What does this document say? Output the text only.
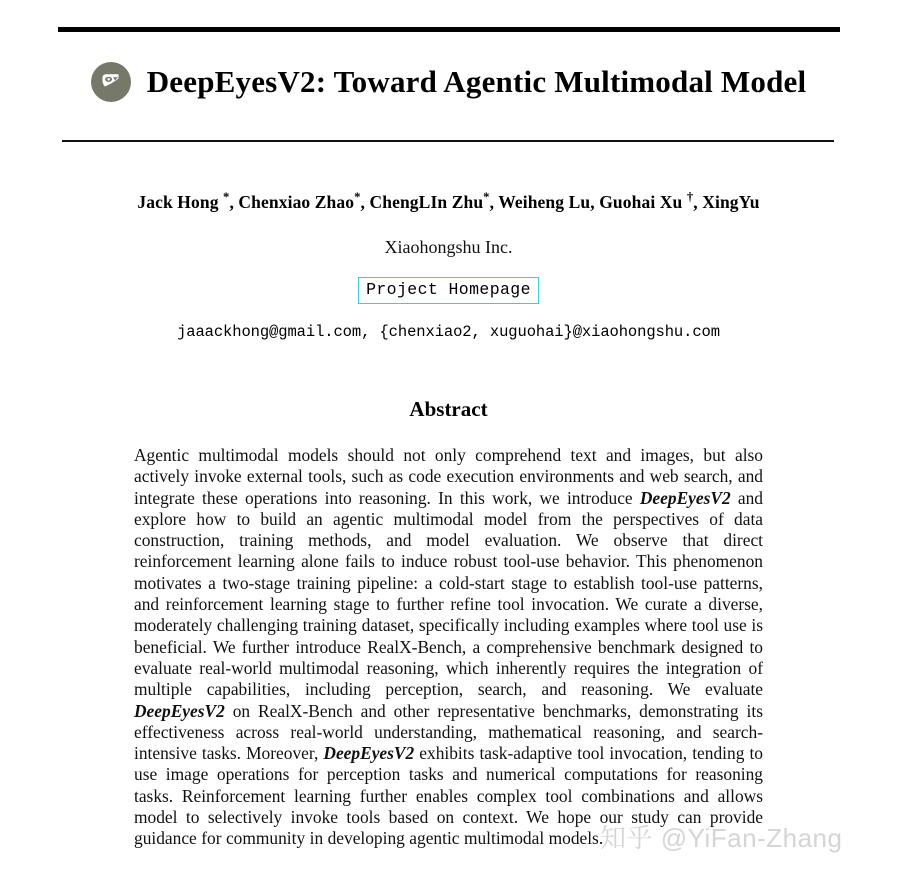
DeepEyesV2: Toward Agentic Multimodal Model
Jack Hong *, Chenxiao Zhao*, ChengLIn Zhu*, Weiheng Lu, Guohai Xu †, XingYu
Xiaohongshu Inc.
Project Homepage
jaaackhong@gmail.com, {chenxiao2, xuguohai}@xiaohongshu.com
Abstract
Agentic multimodal models should not only comprehend text and images, but also actively invoke external tools, such as code execution environments and web search, and integrate these operations into reasoning. In this work, we introduce DeepEyesV2 and explore how to build an agentic multimodal model from the perspectives of data construction, training methods, and model evaluation. We observe that direct reinforcement learning alone fails to induce robust tool-use behavior. This phenomenon motivates a two-stage training pipeline: a cold-start stage to establish tool-use patterns, and reinforcement learning stage to further refine tool invocation. We curate a diverse, moderately challenging training dataset, specifically including examples where tool use is beneficial. We further introduce RealX-Bench, a comprehensive benchmark designed to evaluate real-world multimodal reasoning, which inherently requires the integration of multiple capabilities, including perception, search, and reasoning. We evaluate DeepEyesV2 on RealX-Bench and other representative benchmarks, demonstrating its effectiveness across real-world understanding, mathematical reasoning, and search-intensive tasks. Moreover, DeepEyesV2 exhibits task-adaptive tool invocation, tending to use image operations for perception tasks and numerical computations for reasoning tasks. Reinforcement learning further enables complex tool combinations and allows model to selectively invoke tools based on context. We hope our study can provide guidance for community in developing agentic multimodal models.
知乎 @YiFan-Zhang
